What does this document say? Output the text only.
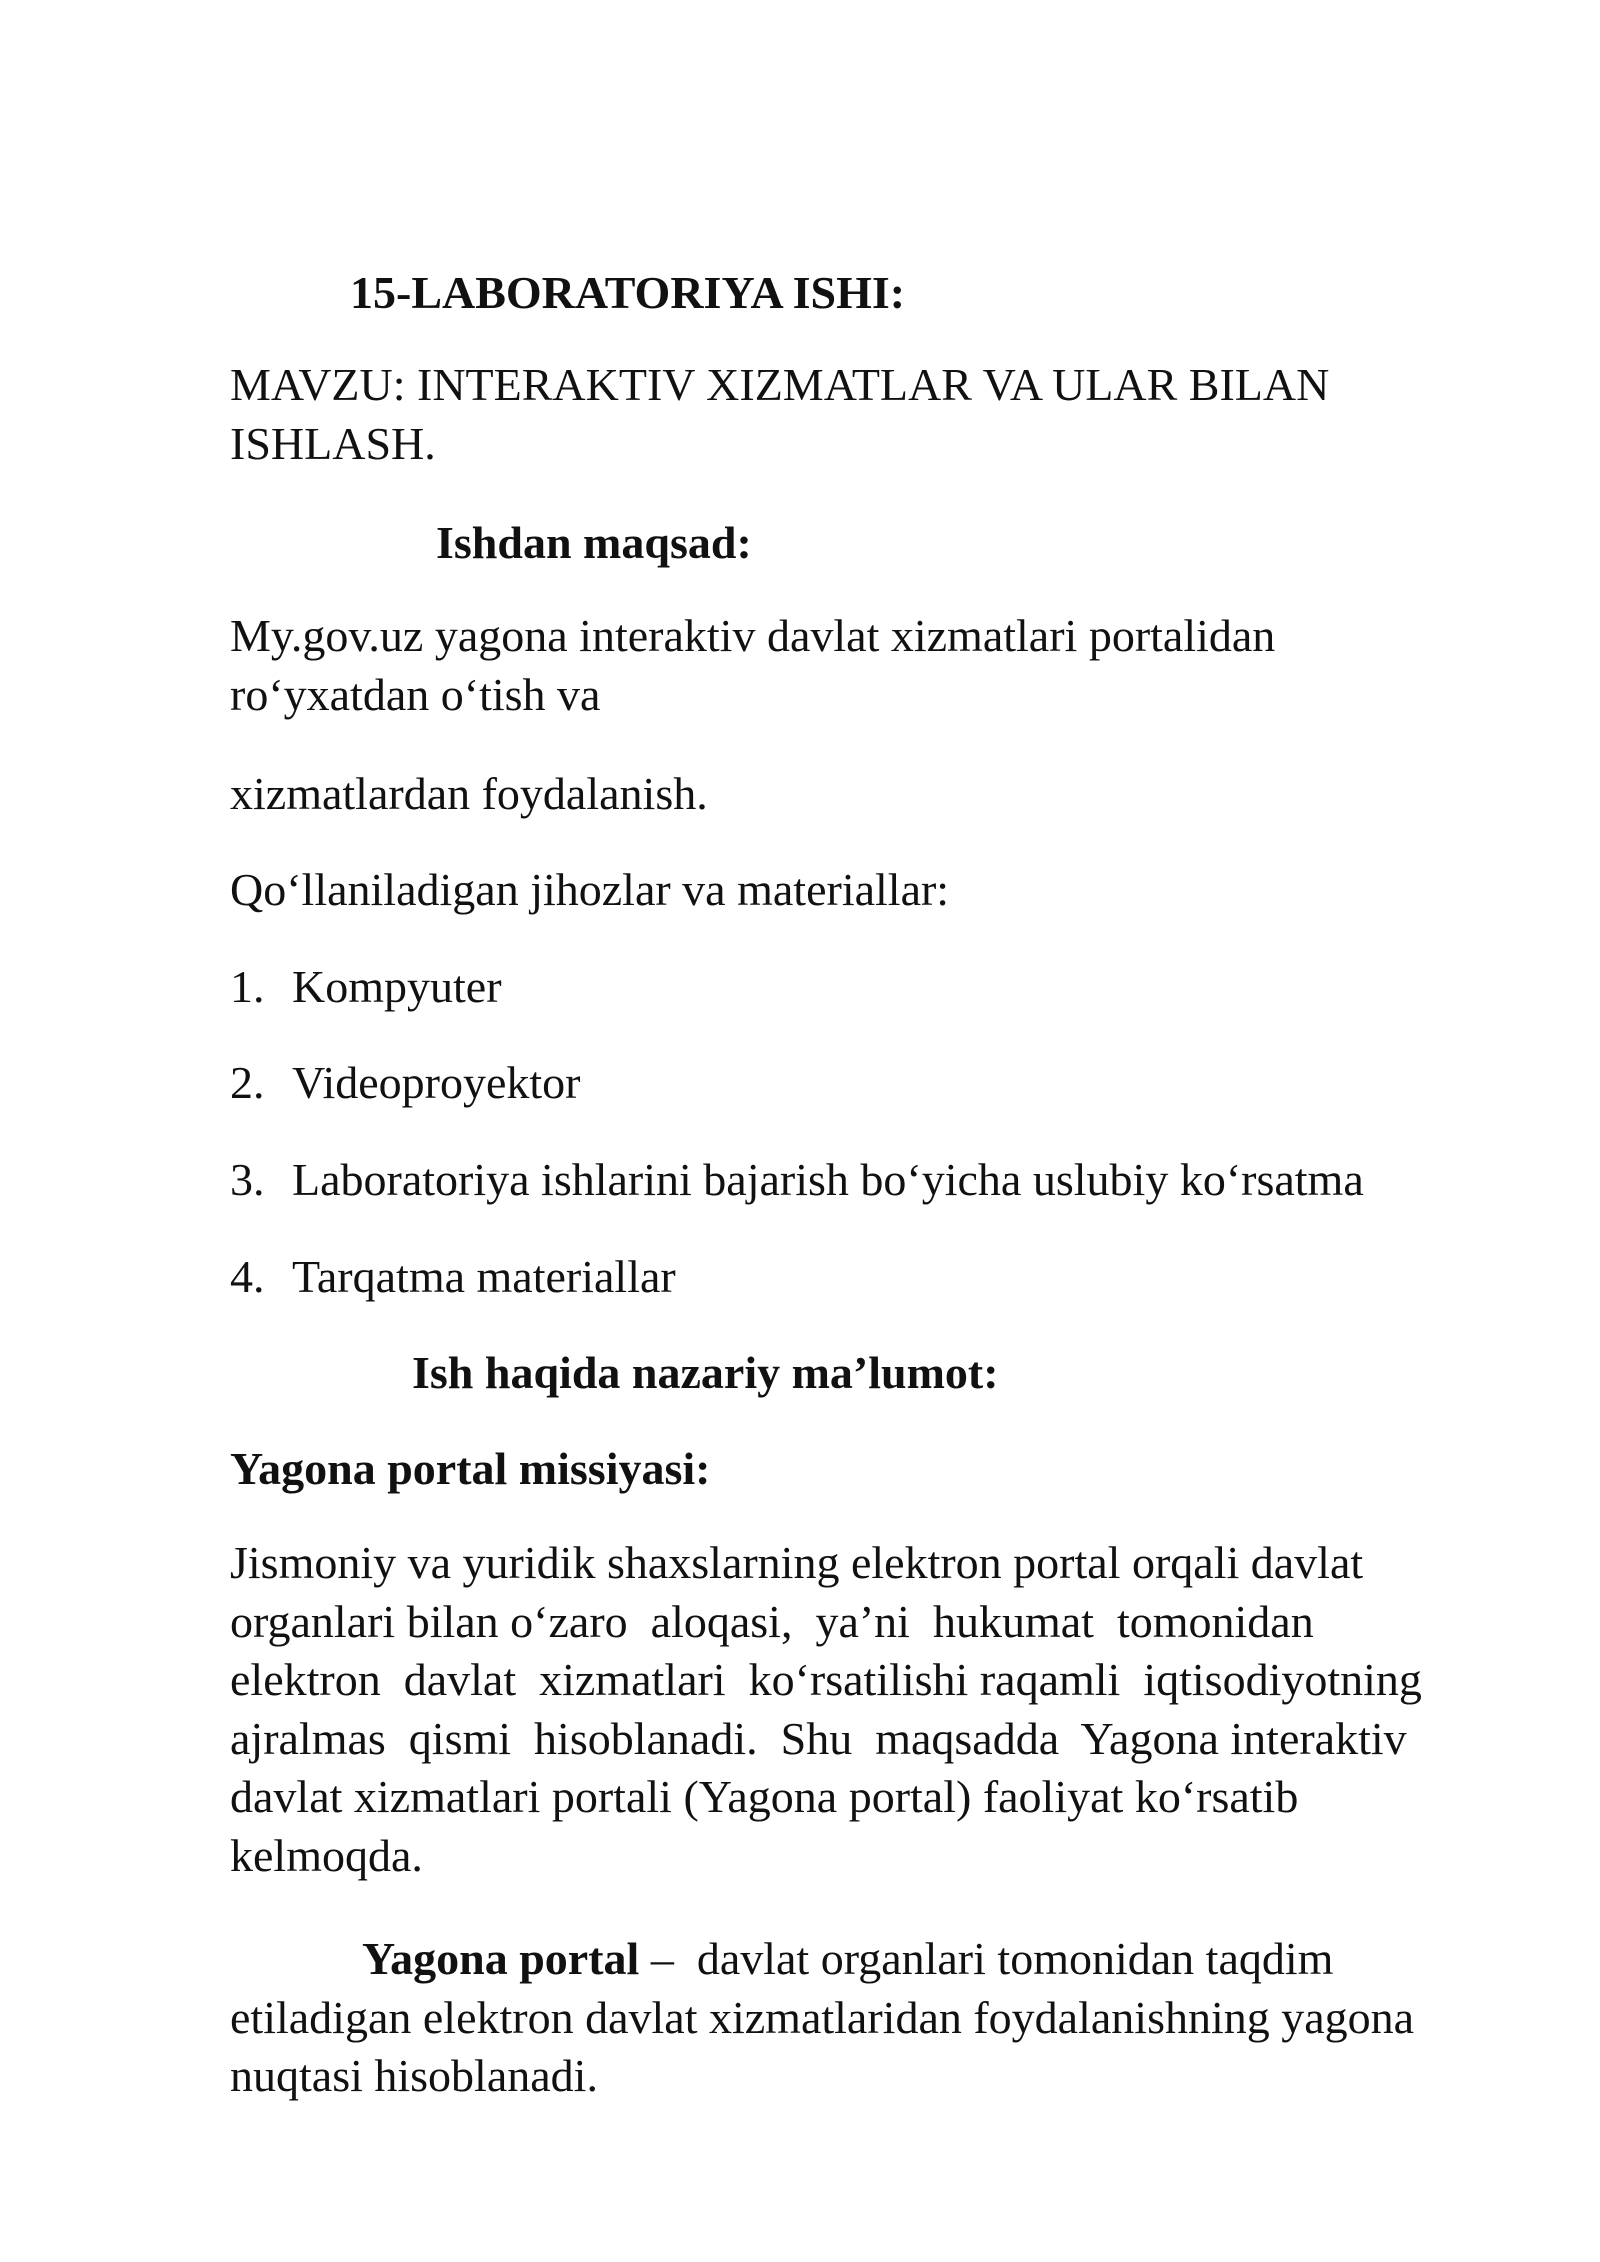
15-LABORATORIYA ISHI:
MAVZU: INTERAKTIV XIZMATLAR VA ULAR BILAN
ISHLASH.
Ishdan maqsad:
My.gov.uz yagona interaktiv davlat xizmatlari portalidan
ro‘yxatdan o‘tish va
xizmatlardan foydalanish.
Qo‘llaniladigan jihozlar va materiallar:
1. Kompyuter
2. Videoproyektor
3. Laboratoriya ishlarini bajarish bo‘yicha uslubiy ko‘rsatma
4. Tarqatma materiallar
Ish haqida nazariy ma’lumot:
Yagona portal missiyasi:
Jismoniy va yuridik shaxslarning elektron portal orqali davlat
organlari bilan o‘zaro  aloqasi,  ya’ni  hukumat  tomonidan
elektron  davlat  xizmatlari  ko‘rsatilishi raqamli  iqtisodiyotning
ajralmas  qismi  hisoblanadi.  Shu  maqsadda  Yagona interaktiv
davlat xizmatlari portali (Yagona portal) faoliyat ko‘rsatib
kelmoqda.
Yagona portal –  davlat organlari tomonidan taqdim
etiladigan elektron davlat xizmatlaridan foydalanishning yagona
nuqtasi hisoblanadi.
